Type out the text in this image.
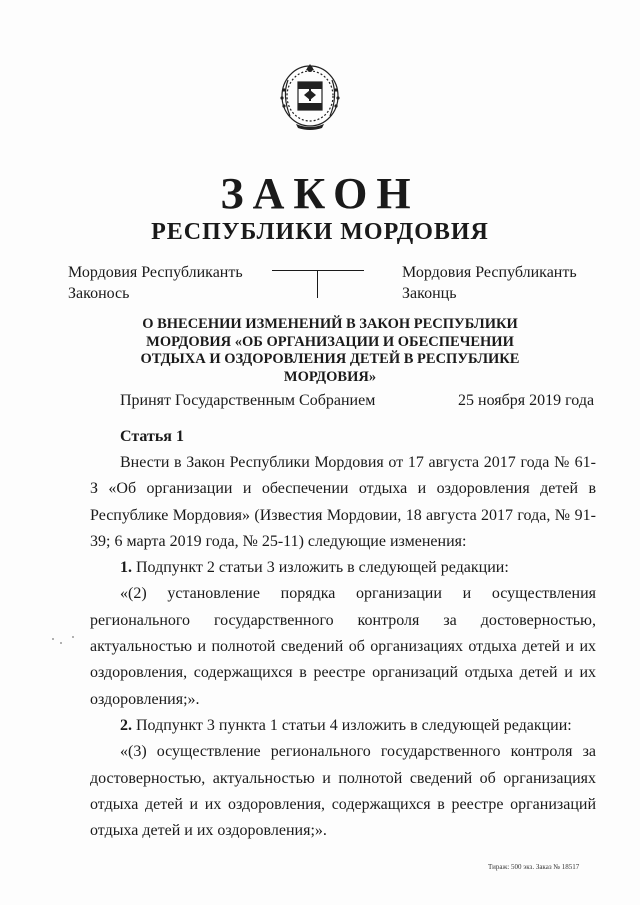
ЗАКОН
РЕСПУБЛИКИ МОРДОВИЯ
Мордовия Республиканть
Законось
Мордовия Республиканть
Законць
О ВНЕСЕНИИ ИЗМЕНЕНИЙ В ЗАКОН РЕСПУБЛИКИ МОРДОВИЯ «ОБ ОРГАНИЗАЦИИ И ОБЕСПЕЧЕНИИ ОТДЫХА И ОЗДОРОВЛЕНИЯ ДЕТЕЙ В РЕСПУБЛИКЕ МОРДОВИЯ»
Принят Государственным Собранием	25 ноября 2019 года
Статья 1

Внести в Закон Республики Мордовия от 17 августа 2017 года № 61-З «Об организации и обеспечении отдыха и оздоровления детей в Республике Мордовия» (Известия Мордовии, 18 августа 2017 года, № 91-39; 6 марта 2019 года, № 25-11) следующие изменения:

1. Подпункт 2 статьи 3 изложить в следующей редакции:

«(2) установление порядка организации и осуществления регионального государственного контроля за достоверностью, актуальностью и полнотой сведений об организациях отдыха детей и их оздоровления, содержащихся в реестре организаций отдыха детей и их оздоровления;».

2. Подпункт 3 пункта 1 статьи 4 изложить в следующей редакции:

«(3) осуществление регионального государственного контроля за достоверностью, актуальностью и полнотой сведений об организациях отдыха детей и их оздоровления, содержащихся в реестре организаций отдыха детей и их оздоровления;».

Тираж: 500 экз. Заказ № 18517
